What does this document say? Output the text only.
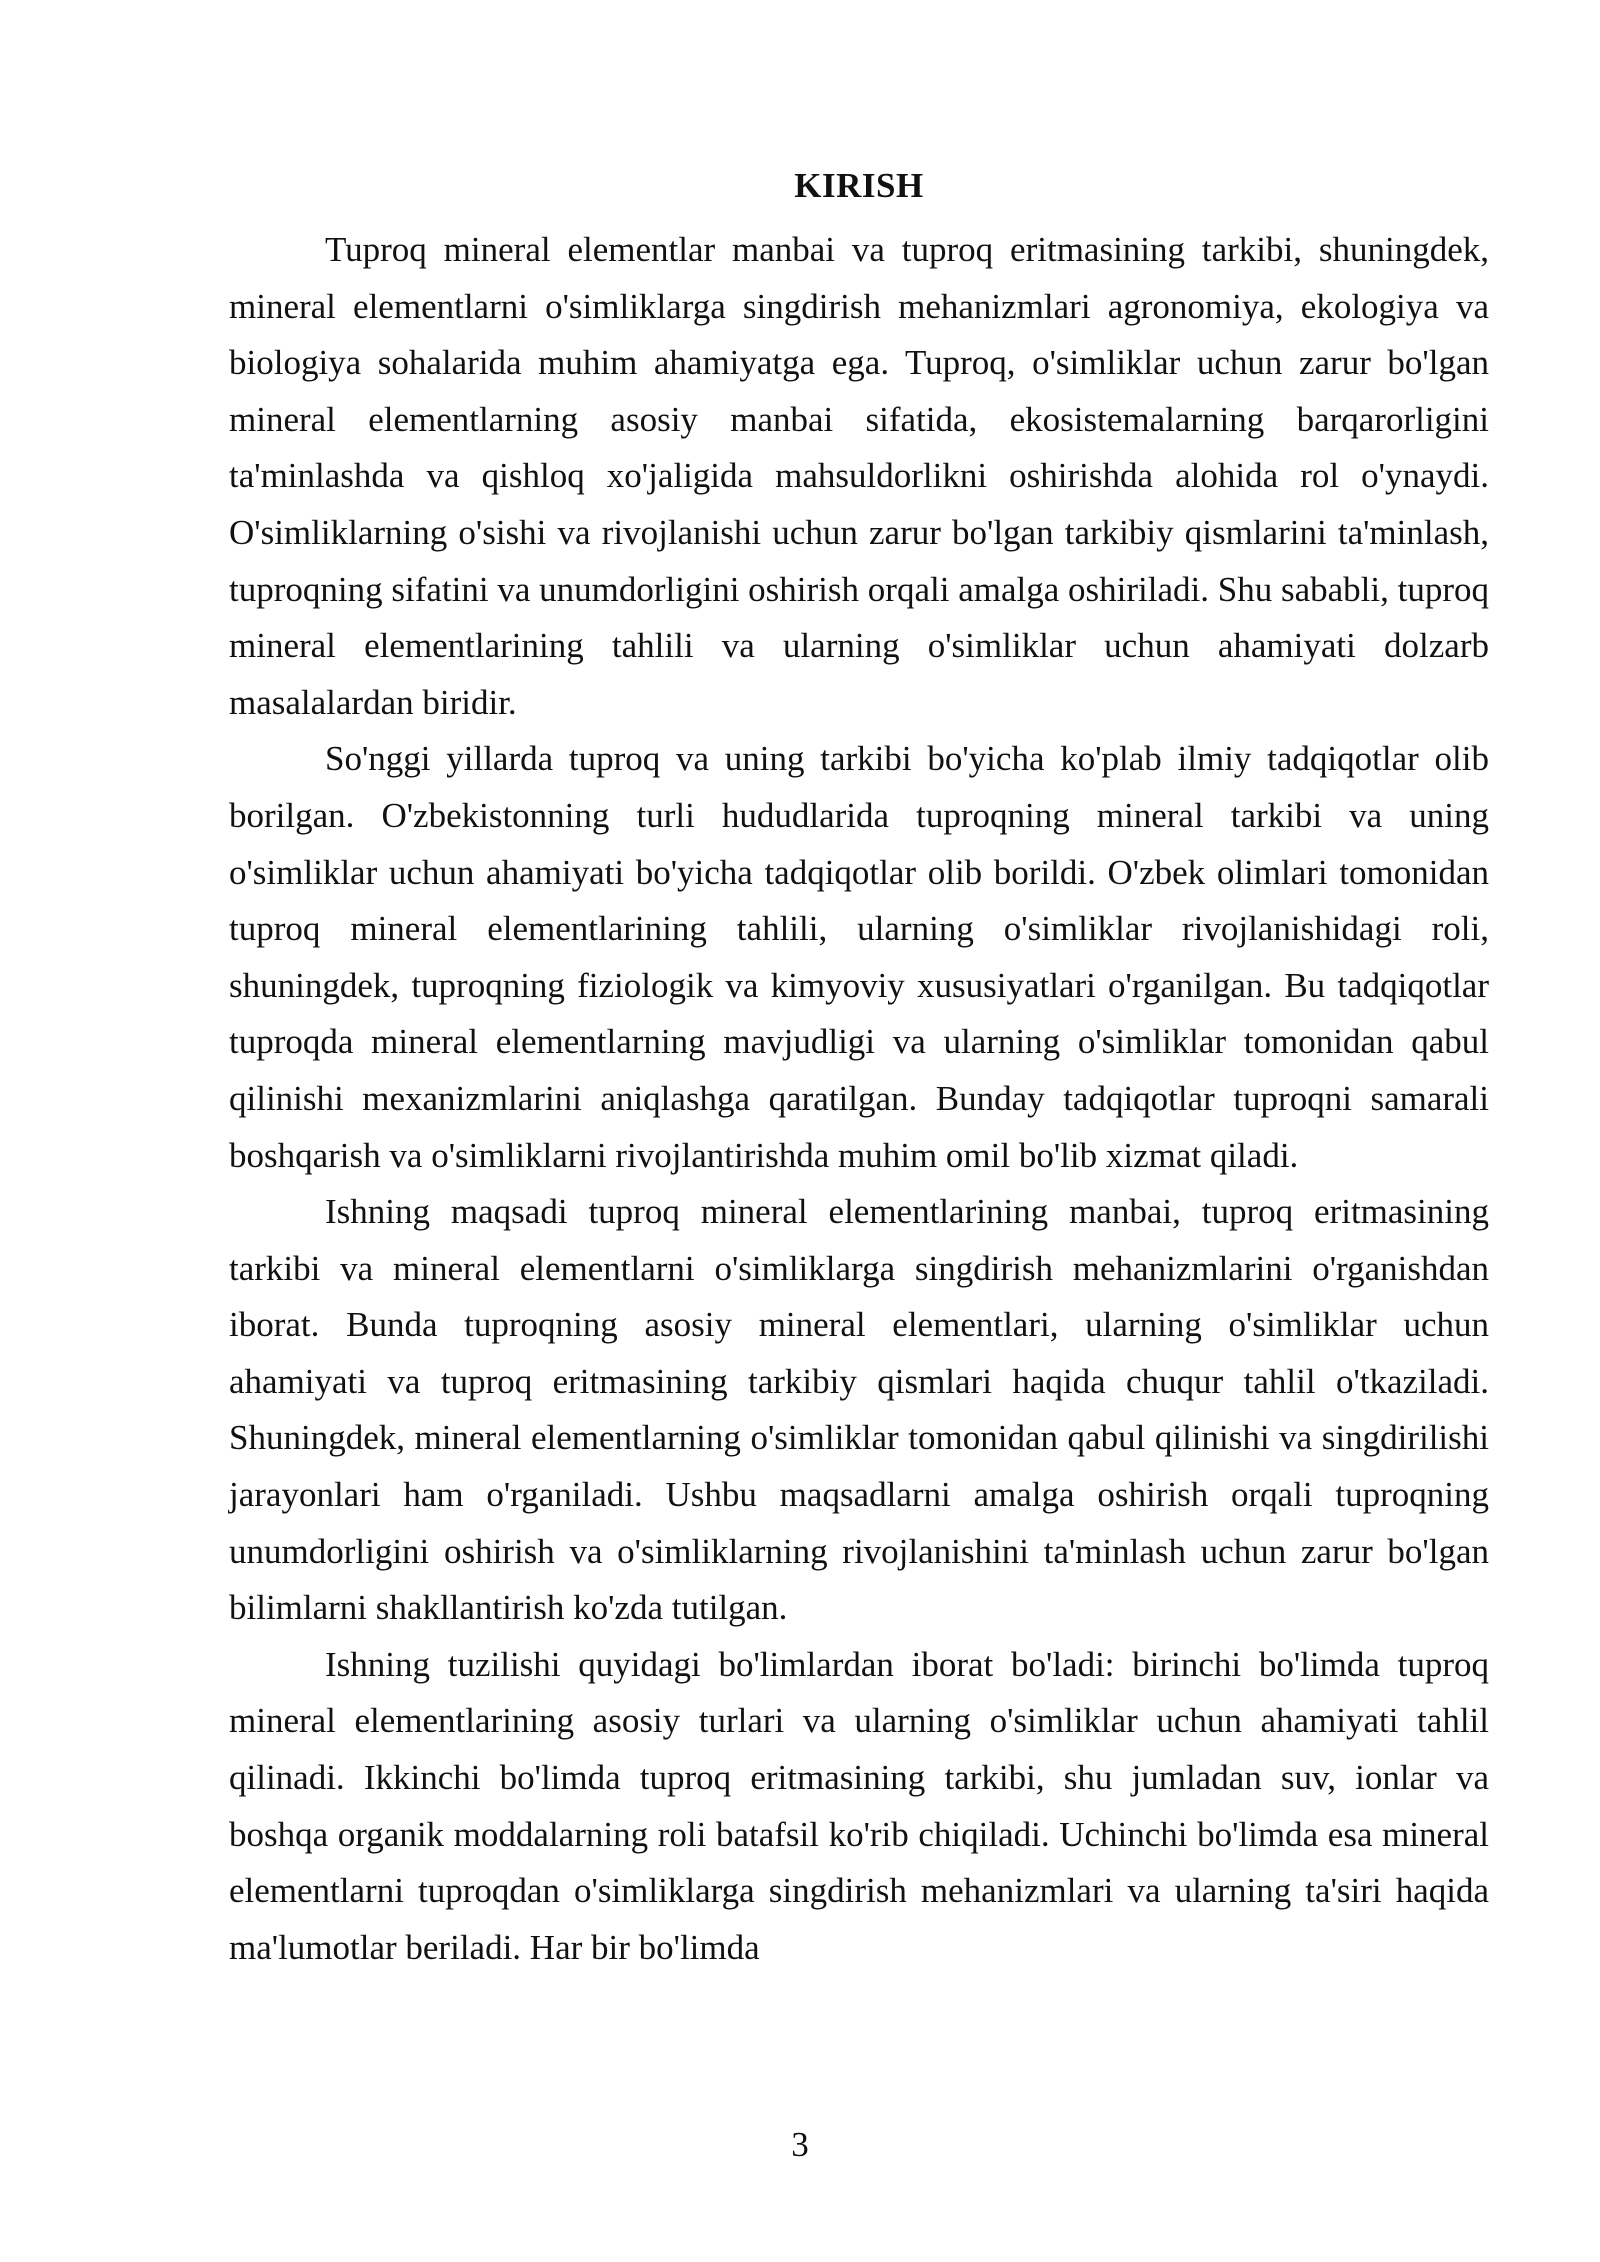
KIRISH

Tuproq mineral elementlar manbai va tuproq eritmasining tarkibi, shuningdek, mineral elementlarni o'simliklarga singdirish mehanizmlari agronomiya, ekologiya va biologiya sohalarida muhim ahamiyatga ega. Tuproq, o'simliklar uchun zarur bo'lgan mineral elementlarning asosiy manbai sifatida, ekosistemalarning barqarorligini ta'minlashda va qishloq xo'jaligida mahsuldorlikni oshirishda alohida rol o'ynaydi. O'simliklarning o'sishi va rivojlanishi uchun zarur bo'lgan tarkibiy qismlarini ta'minlash, tuproqning sifatini va unumdorligini oshirish orqali amalga oshiriladi. Shu sababli, tuproq mineral elementlarining tahlili va ularning o'simliklar uchun ahamiyati dolzarb masalalardan biridir.

So'nggi yillarda tuproq va uning tarkibi bo'yicha ko'plab ilmiy tadqiqotlar olib borilgan. O'zbekistonning turli hududlarida tuproqning mineral tarkibi va uning o'simliklar uchun ahamiyati bo'yicha tadqiqotlar olib borildi. O'zbek olimlari tomonidan tuproq mineral elementlarining tahlili, ularning o'simliklar rivojlanishidagi roli, shuningdek, tuproqning fiziologik va kimyoviy xususiyatlari o'rganilgan. Bu tadqiqotlar tuproqda mineral elementlarning mavjudligi va ularning o'simliklar tomonidan qabul qilinishi mexanizmlarini aniqlashga qaratilgan. Bunday tadqiqotlar tuproqni samarali boshqarish va o'simliklarni rivojlantirishda muhim omil bo'lib xizmat qiladi.

Ishning maqsadi tuproq mineral elementlarining manbai, tuproq eritmasining tarkibi va mineral elementlarni o'simliklarga singdirish mehanizmlarini o'rganishdan iborat. Bunda tuproqning asosiy mineral elementlari, ularning o'simliklar uchun ahamiyati va tuproq eritmasining tarkibiy qismlari haqida chuqur tahlil o'tkaziladi. Shuningdek, mineral elementlarning o'simliklar tomonidan qabul qilinishi va singdirilishi jarayonlari ham o'rganiladi. Ushbu maqsadlarni amalga oshirish orqali tuproqning unumdorligini oshirish va o'simliklarning rivojlanishini ta'minlash uchun zarur bo'lgan bilimlarni shakllantirish ko'zda tutilgan.

Ishning tuzilishi quyidagi bo'limlardan iborat bo'ladi: birinchi bo'limda tuproq mineral elementlarining asosiy turlari va ularning o'simliklar uchun ahamiyati tahlil qilinadi. Ikkinchi bo'limda tuproq eritmasining tarkibi, shu jumladan suv, ionlar va boshqa organik moddalarning roli batafsil ko'rib chiqiladi. Uchinchi bo'limda esa mineral elementlarni tuproqdan o'simliklarga singdirish mehanizmlari va ularning ta'siri haqida ma'lumotlar beriladi. Har bir bo'limda

3
